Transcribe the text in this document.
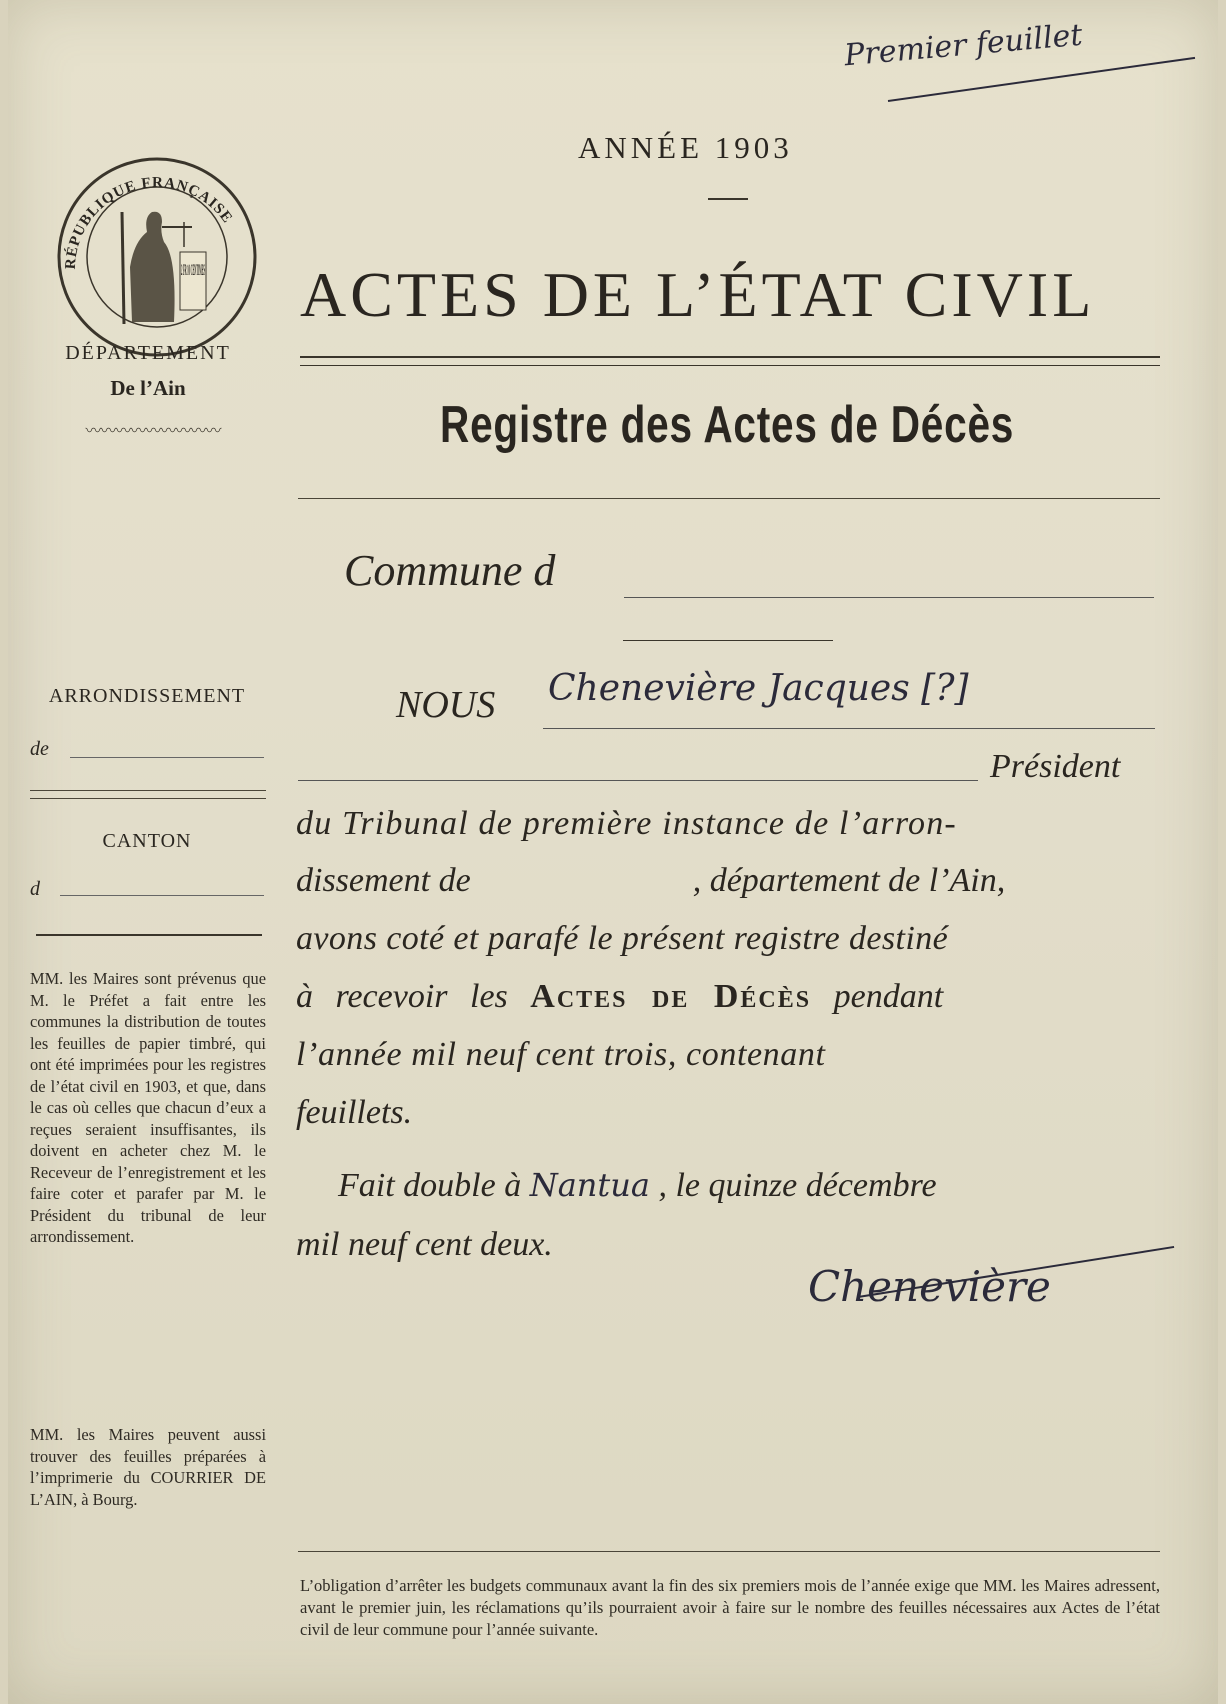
Premier feuillet
RÉPUBLIQUE FRANÇAISE
2 FR 10 CENTIMES
DÉPARTEMENT
De l’Ain
〰〰〰〰〰〰〰〰〰
ANNÉE 1903
ACTES DE L’ÉTAT CIVIL
Registre des Actes de Décès
Commune d
NOUS Chenevière Jacques [?]
Président
du Tribunal de première instance de l’arron-
dissement de	, département de l’Ain,
avons coté et parafé le présent registre destiné
à recevoir les Actes de Décès pendant
l’année mil neuf cent trois, contenant
feuillets.
Fait double à Nantua , le quinze décembre
mil neuf cent deux.
Chenevière
ARRONDISSEMENT
de
CANTON
d
MM. les Maires sont prévenus que M. le Préfet a fait entre les communes la distribution de toutes les feuilles de papier timbré, qui ont été imprimées pour les registres de l’état civil en 1903, et que, dans le cas où celles que chacun d’eux a reçues seraient insuffisantes, ils doivent en acheter chez M. le Receveur de l’enregistrement et les faire coter et parafer par M. le Président du tribunal de leur arrondissement.
MM. les Maires peuvent aussi trouver des feuilles préparées à l’imprimerie du COURRIER DE L’AIN, à Bourg.
L’obligation d’arrêter les budgets communaux avant la fin des six premiers mois de l’année exige que MM. les Maires adressent, avant le premier juin, les réclamations qu’ils pourraient avoir à faire sur le nombre des feuilles nécessaires aux Actes de l’état civil de leur commune pour l’année suivante.
